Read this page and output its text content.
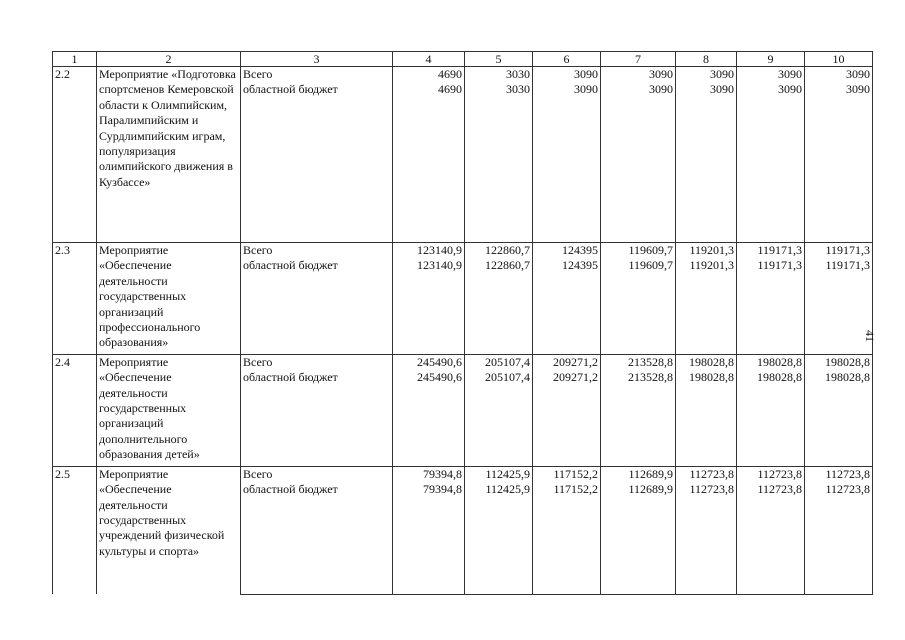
1	2	3	4	5	6	7	8	9	10
2.2	Мероприятие «Подготовка спортсменов Кемеровской области к Олимпийским, Паралимпийским и Сурдлимпийским играм, популяризация олимпийского движения в Кузбассе»	Всего	4690	3030	3090	3090	3090	3090	3090
		областной бюджет	4690	3030	3090	3090	3090	3090	3090
2.3	Мероприятие «Обеспечение деятельности государственных организаций профессионального образования»	Всего	123140,9	122860,7	124395	119609,7	119201,3	119171,3	119171,3
		областной бюджет	123140,9	122860,7	124395	119609,7	119201,3	119171,3	119171,3
2.4	Мероприятие «Обеспечение деятельности государственных организаций дополнительного образования детей»	Всего	245490,6	205107,4	209271,2	213528,8	198028,8	198028,8	198028,8
		областной бюджет	245490,6	205107,4	209271,2	213528,8	198028,8	198028,8	198028,8
2.5	Мероприятие «Обеспечение деятельности государственных учреждений физической культуры и спорта»	Всего	79394,8	112425,9	117152,2	112689,9	112723,8	112723,8	112723,8
		областной бюджет	79394,8	112425,9	117152,2	112689,9	112723,8	112723,8	112723,8
41
